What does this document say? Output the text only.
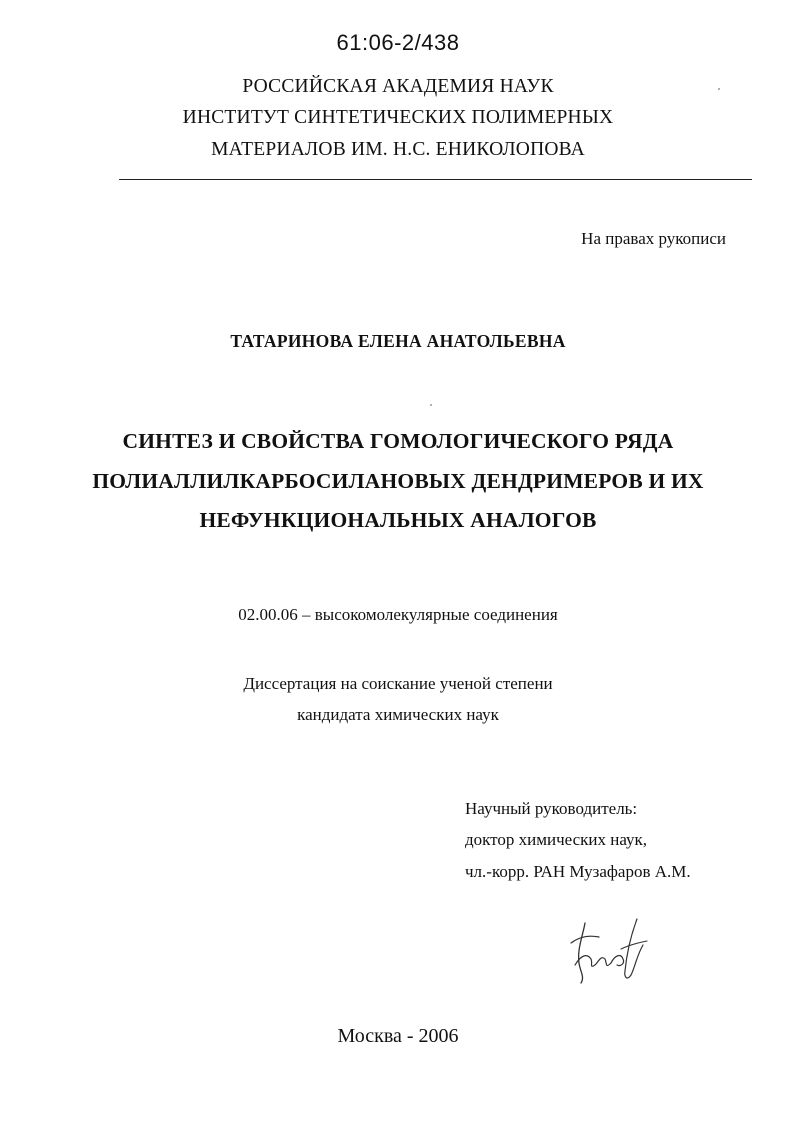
61:06-2/438
РОССИЙСКАЯ АКАДЕМИЯ НАУК
ИНСТИТУТ СИНТЕТИЧЕСКИХ ПОЛИМЕРНЫХ
МАТЕРИАЛОВ ИМ. Н.С. ЕНИКОЛОПОВА
На правах рукописи
ТАТАРИНОВА ЕЛЕНА АНАТОЛЬЕВНА
СИНТЕЗ И СВОЙСТВА ГОМОЛОГИЧЕСКОГО РЯДА
ПОЛИАЛЛИЛКАРБОСИЛАНОВЫХ ДЕНДРИМЕРОВ И ИХ
НЕФУНКЦИОНАЛЬНЫХ АНАЛОГОВ
02.00.06 – высокомолекулярные соединения
Диссертация на соискание ученой степени
кандидата химических наук
Научный руководитель:
доктор химических наук,
чл.-корр. РАН Музафаров А.М.
Москва - 2006
